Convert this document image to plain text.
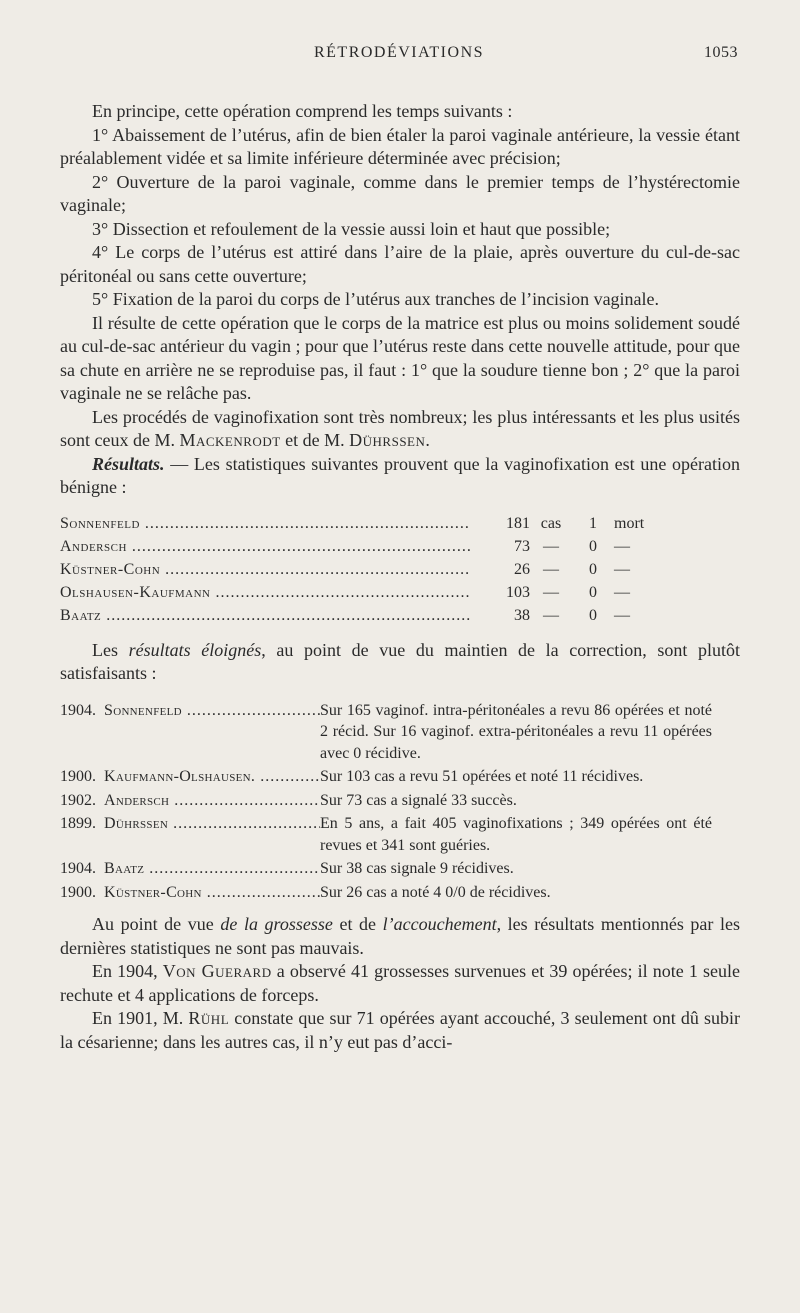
RÉTRODÉVIATIONS	1053

En principe, cette opération comprend les temps suivants :

1° Abaissement de l’utérus, afin de bien étaler la paroi vaginale antérieure, la vessie étant préalablement vidée et sa limite inférieure déterminée avec précision;

2° Ouverture de la paroi vaginale, comme dans le premier temps de l’hystérectomie vaginale;

3° Dissection et refoulement de la vessie aussi loin et haut que possible;

4° Le corps de l’utérus est attiré dans l’aire de la plaie, après ouverture du cul-de-sac péritonéal ou sans cette ouverture;

5° Fixation de la paroi du corps de l’utérus aux tranches de l’incision vaginale.

Il résulte de cette opération que le corps de la matrice est plus ou moins solidement soudé au cul-de-sac antérieur du vagin ; pour que l’utérus reste dans cette nouvelle attitude, pour que sa chute en arrière ne se reproduise pas, il faut : 1° que la soudure tienne bon ; 2° que la paroi vaginale ne se relâche pas.

Les procédés de vaginofixation sont très nombreux; les plus intéressants et les plus usités sont ceux de M. Mackenrodt et de M. Dührssen.

Résultats. — Les statistiques suivantes prouvent que la vaginofixation est une opération bénigne :

Sonnenfeld .....	181 cas	1	mort
Andersch .....	73 —	0	—
Küstner-Cohn .....	26 —	0	—
Olshausen-Kaufmann .....	103 —	0	—
Baatz .....	38 —	0	—

Les résultats éloignés, au point de vue du maintien de la correction, sont plutôt satisfaisants :

1904. Sonnenfeld .....	Sur 165 vaginof. intra-péritonéales a revu 86 opérées et noté 2 récid. Sur 16 vaginof. extra-péritonéales a revu 11 opérées avec 0 récidive.
1900. Kaufmann-Olshausen. .....	Sur 103 cas a revu 51 opérées et noté 11 récidives.
1902. Andersch .....	Sur 73 cas a signalé 33 succès.
1899. Dührssen .....	En 5 ans, a fait 405 vaginofixations ; 349 opérées ont été revues et 341 sont guéries.
1904. Baatz .....	Sur 38 cas signale 9 récidives.
1900. Küstner-Cohn .....	Sur 26 cas a noté 4 0/0 de récidives.

Au point de vue de la grossesse et de l’accouchement, les résultats mentionnés par les dernières statistiques ne sont pas mauvais.

En 1904, Von Guerard a observé 41 grossesses survenues et 39 opérées; il note 1 seule rechute et 4 applications de forceps.

En 1901, M. Rühl constate que sur 71 opérées ayant accouché, 3 seulement ont dû subir la césarienne; dans les autres cas, il n’y eut pas d’acci-
